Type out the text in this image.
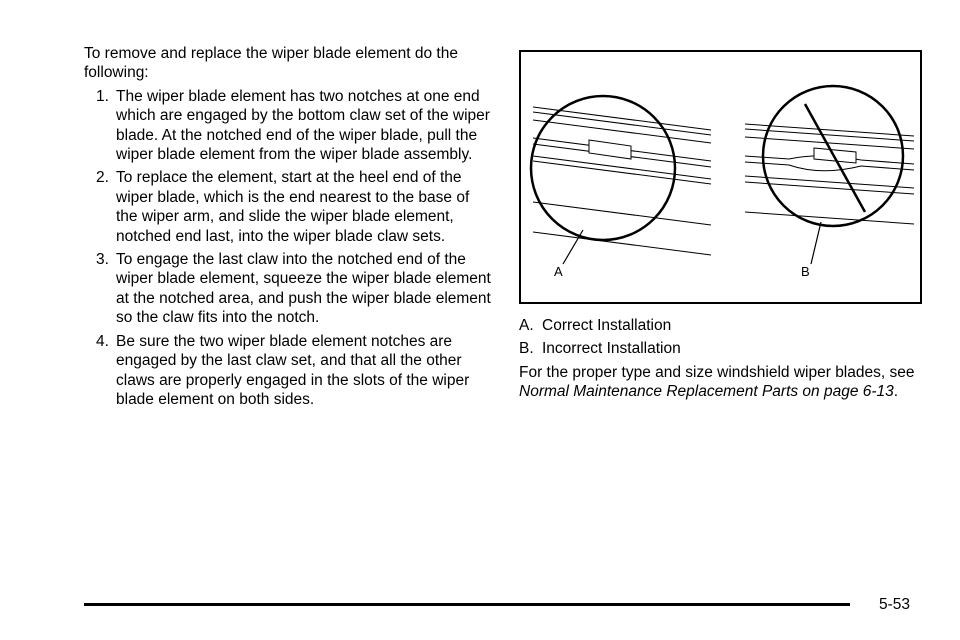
To remove and replace the wiper blade element do the following:

1. The wiper blade element has two notches at one end which are engaged by the bottom claw set of the wiper blade. At the notched end of the wiper blade, pull the wiper blade element from the wiper blade assembly.
2. To replace the element, start at the heel end of the wiper blade, which is the end nearest to the base of the wiper arm, and slide the wiper blade element, notched end last, into the wiper blade claw sets.
3. To engage the last claw into the notched end of the wiper blade element, squeeze the wiper blade element at the notched area, and push the wiper blade element so the claw fits into the notch.
4. Be sure the two wiper blade element notches are engaged by the last claw set, and that all the other claws are properly engaged in the slots of the wiper blade element on both sides.
A	B
A. Correct Installation
B. Incorrect Installation
For the proper type and size windshield wiper blades, see Normal Maintenance Replacement Parts on page 6-13.
5-53
